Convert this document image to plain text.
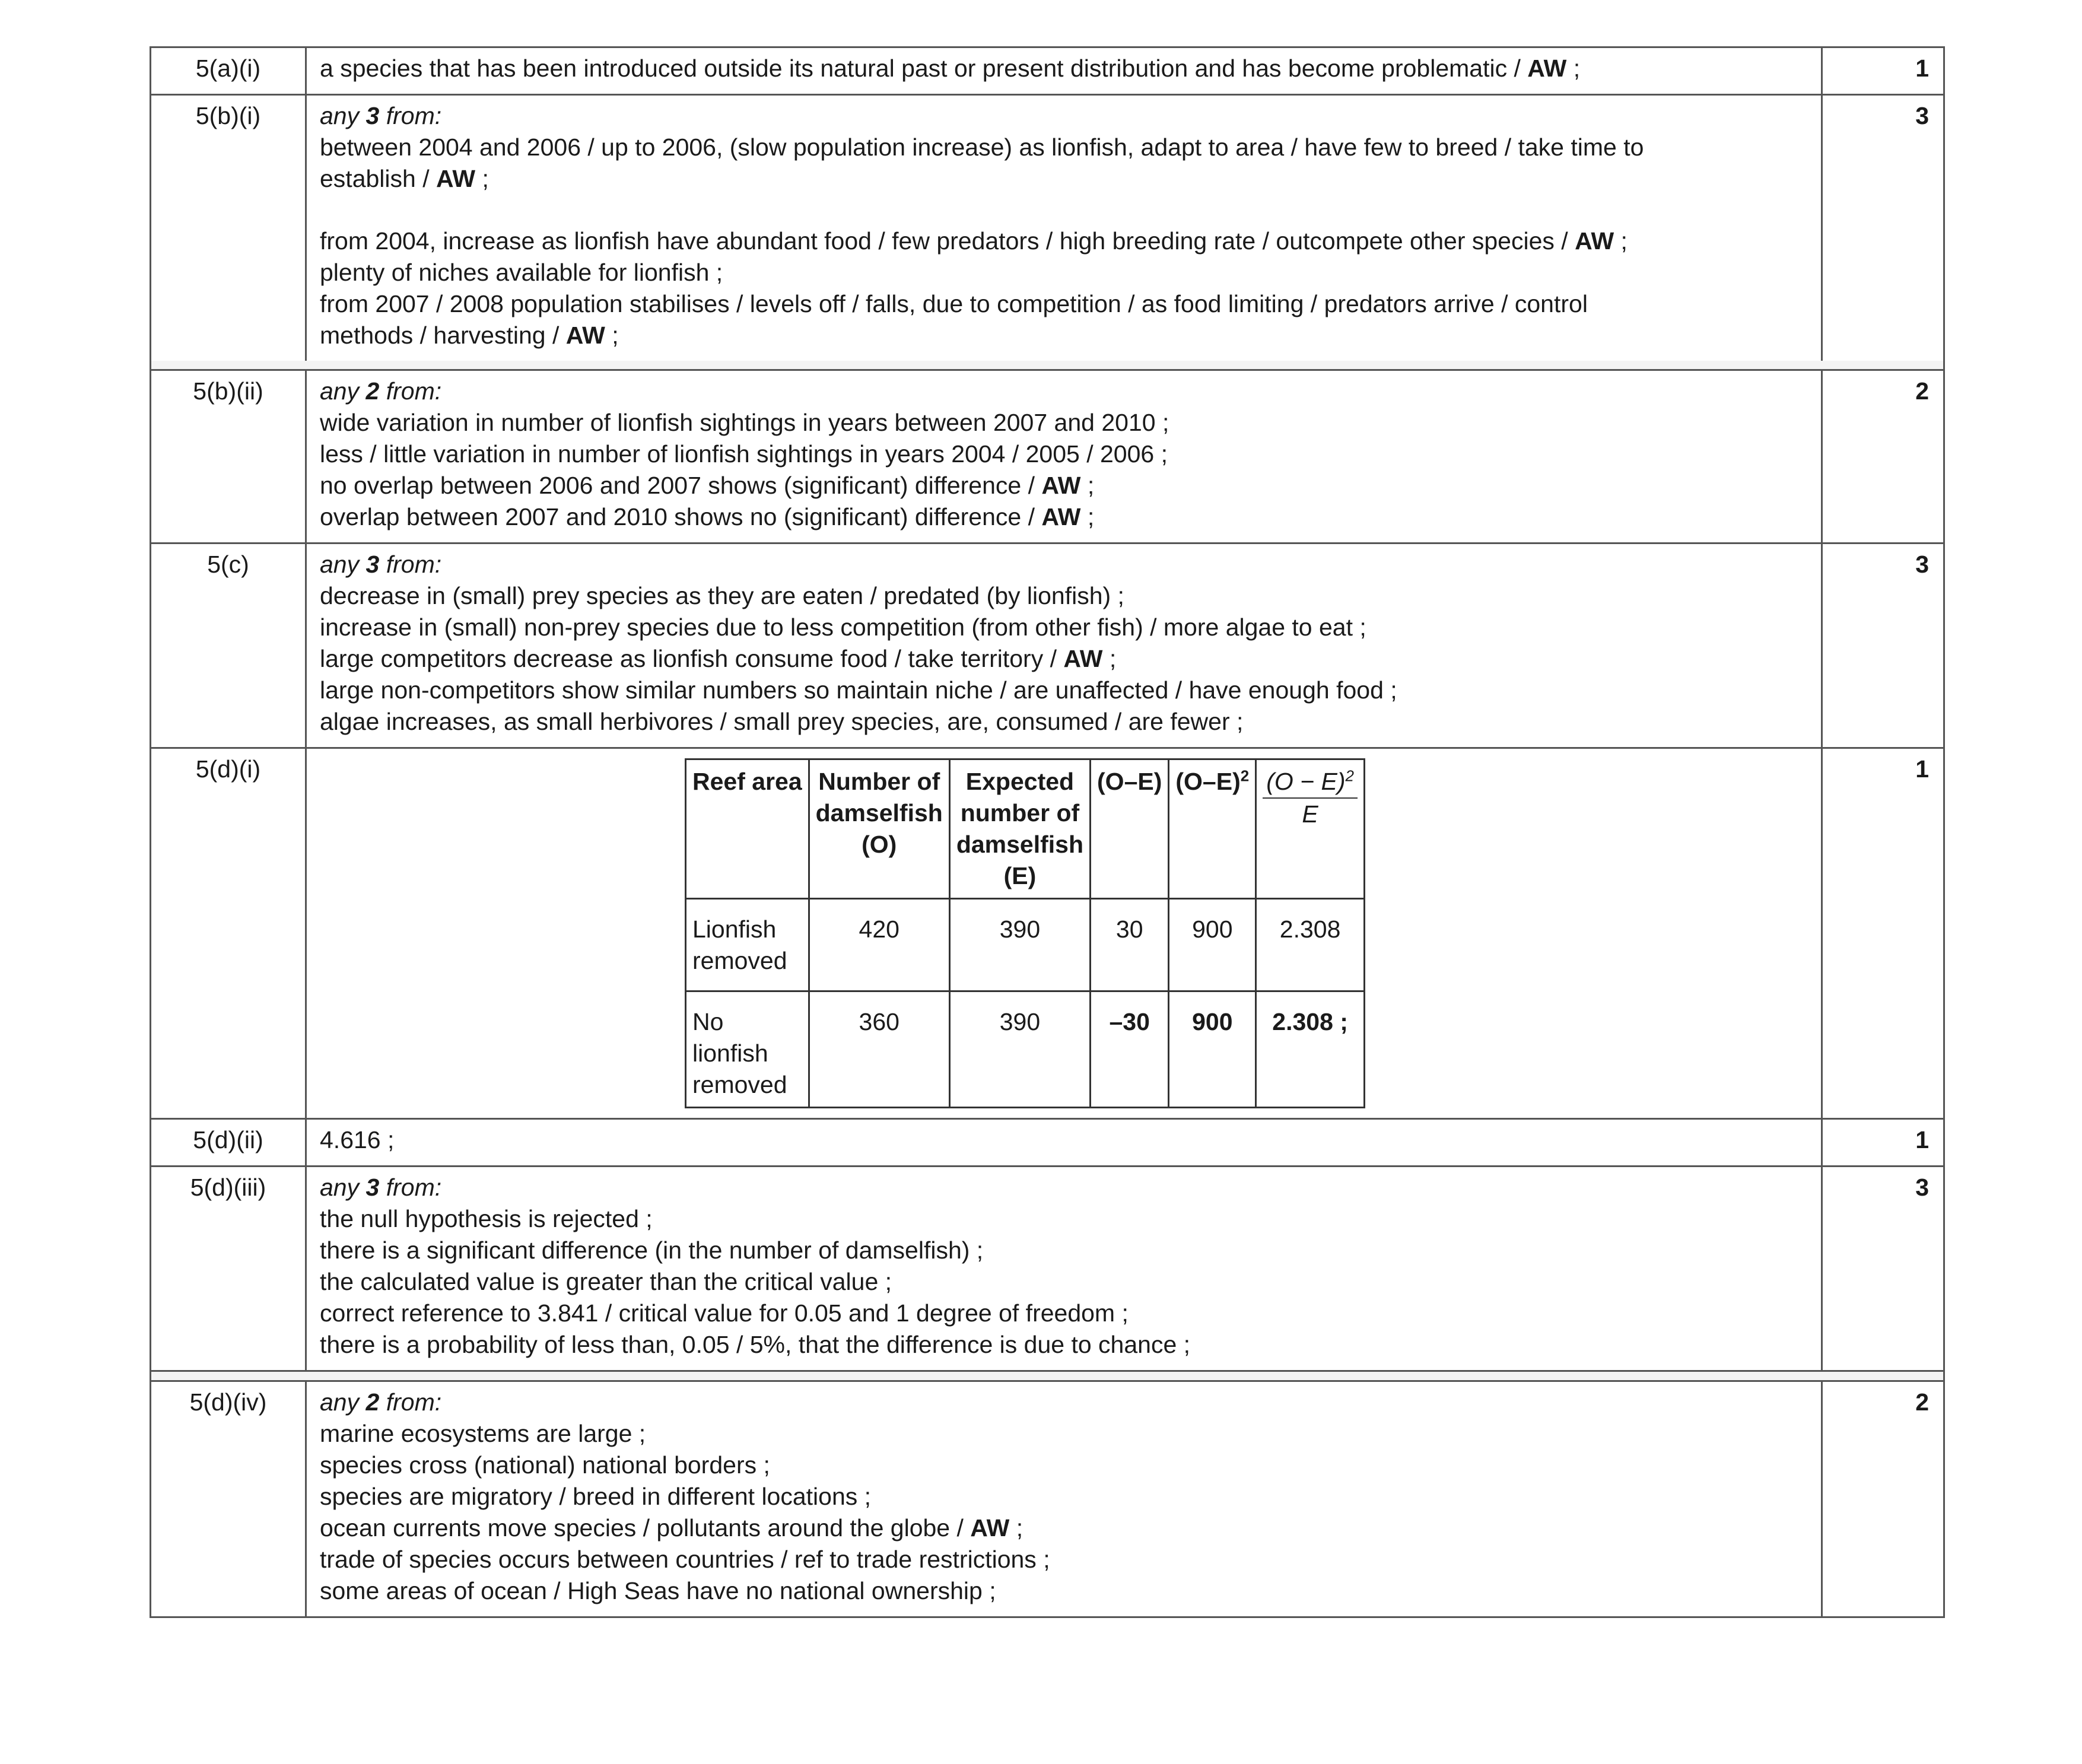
5(a)(i)	a species that has been introduced outside its natural past or present distribution and has become problematic / AW ;	1
5(b)(i)	any 3 from:
between 2004 and 2006 / up to 2006, (slow population increase) as lionfish, adapt to area / have few to breed / take time to
establish / AW ;
from 2004, increase as lionfish have abundant food / few predators / high breeding rate / outcompete other species / AW ;
plenty of niches available for lionfish ;
from 2007 / 2008 population stabilises / levels off / falls, due to competition / as food limiting / predators arrive / control
methods / harvesting / AW ;
3
5(b)(ii)	any 2 from:
wide variation in number of lionfish sightings in years between 2007 and 2010 ;
less / little variation in number of lionfish sightings in years 2004 / 2005 / 2006 ;
no overlap between 2006 and 2007 shows (significant) difference / AW ;
overlap between 2007 and 2010 shows no (significant) difference / AW ;
2
5(c)	any 3 from:
decrease in (small) prey species as they are eaten / predated (by lionfish) ;
increase in (small) non-prey species due to less competition (from other fish) / more algae to eat ;
large competitors decrease as lionfish consume food / take territory / AW ;
large non-competitors show similar numbers so maintain niche / are unaffected / have enough food ;
algae increases, as small herbivores / small prey species, are, consumed / are fewer ;
3
5(d)(i)	Reef area	Number of
damselfish
(O)	Expected
number of
damselfish
(E)	(O–E)	$(O-E)^2$	$\frac{(O - E)^2}{E}$

Lionfish
removed	420	390	30	900	2.308

No
lionfish
removed	360	390	–30	900	2.308 ;
1
5(d)(ii)	4.616 ;	1
5(d)(iii)	any 3 from:
the null hypothesis is rejected ;
there is a significant difference (in the number of damselfish) ;
the calculated value is greater than the critical value ;
correct reference to 3.841 / critical value for 0.05 and 1 degree of freedom ;
there is a probability of less than, 0.05 / 5%, that the difference is due to chance ;
3
5(d)(iv)	any 2 from:
marine ecosystems are large ;
species cross (national) national borders ;
species are migratory / breed in different locations ;
ocean currents move species / pollutants around the globe / AW ;
trade of species occurs between countries / ref to trade restrictions ;
some areas of ocean / High Seas have no national ownership ;
2
